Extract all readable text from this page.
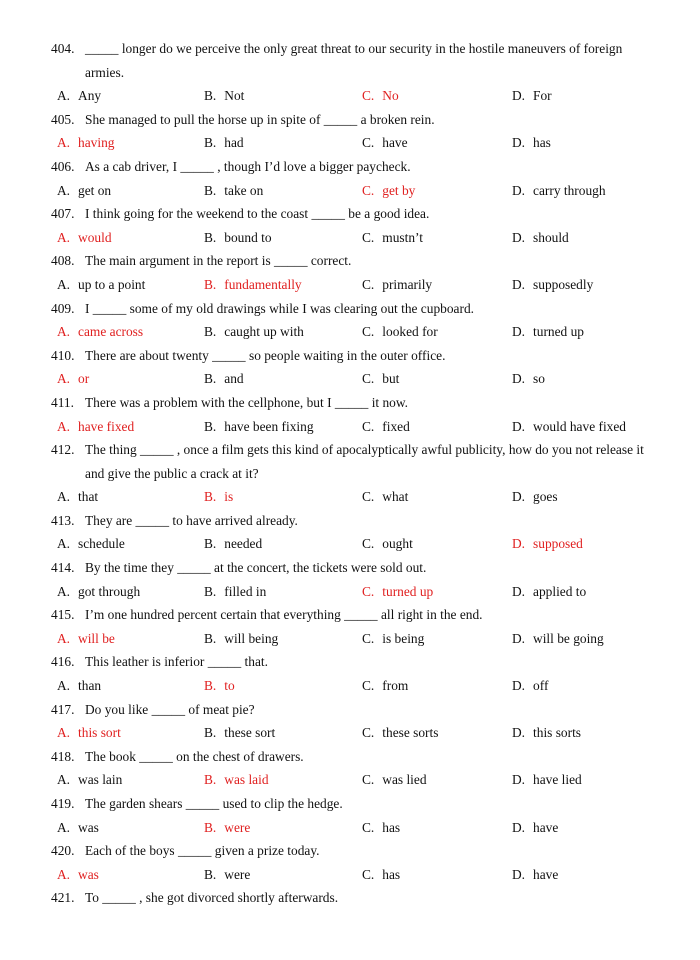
404. _____ longer do we perceive the only great threat to our security in the hostile maneuvers of foreign armies.
A. Any	B. Not	C. No	D. For
405. She managed to pull the horse up in spite of _____ a broken rein.
A. having	B. had	C. have	D. has
406. As a cab driver, I _____ , though I’d love a bigger paycheck.
A. get on	B. take on	C. get by	D. carry through
407. I think going for the weekend to the coast _____ be a good idea.
A. would	B. bound to	C. mustn’t	D. should
408. The main argument in the report is _____ correct.
A. up to a point	B. fundamentally	C. primarily	D. supposedly
409. I _____ some of my old drawings while I was clearing out the cupboard.
A. came across	B. caught up with	C. looked for	D. turned up
410. There are about twenty _____ so people waiting in the outer office.
A. or	B. and	C. but	D. so
411. There was a problem with the cellphone, but I _____ it now.
A. have fixed	B. have been fixing	C. fixed	D. would have fixed
412. The thing _____ , once a film gets this kind of apocalyptically awful publicity, how do you not release it and give the public a crack at it?
A. that	B. is	C. what	D. goes
413. They are _____ to have arrived already.
A. schedule	B. needed	C. ought	D. supposed
414. By the time they _____ at the concert, the tickets were sold out.
A. got through	B. filled in	C. turned up	D. applied to
415. I’m one hundred percent certain that everything _____ all right in the end.
A. will be	B. will being	C. is being	D. will be going
416. This leather is inferior _____ that.
A. than	B. to	C. from	D. off
417. Do you like _____ of meat pie?
A. this sort	B. these sort	C. these sorts	D. this sorts
418. The book _____ on the chest of drawers.
A. was lain	B. was laid	C. was lied	D. have lied
419. The garden shears _____ used to clip the hedge.
A. was	B. were	C. has	D. have
420. Each of the boys _____ given a prize today.
A. was	B. were	C. has	D. have
421. To _____ , she got divorced shortly afterwards.
